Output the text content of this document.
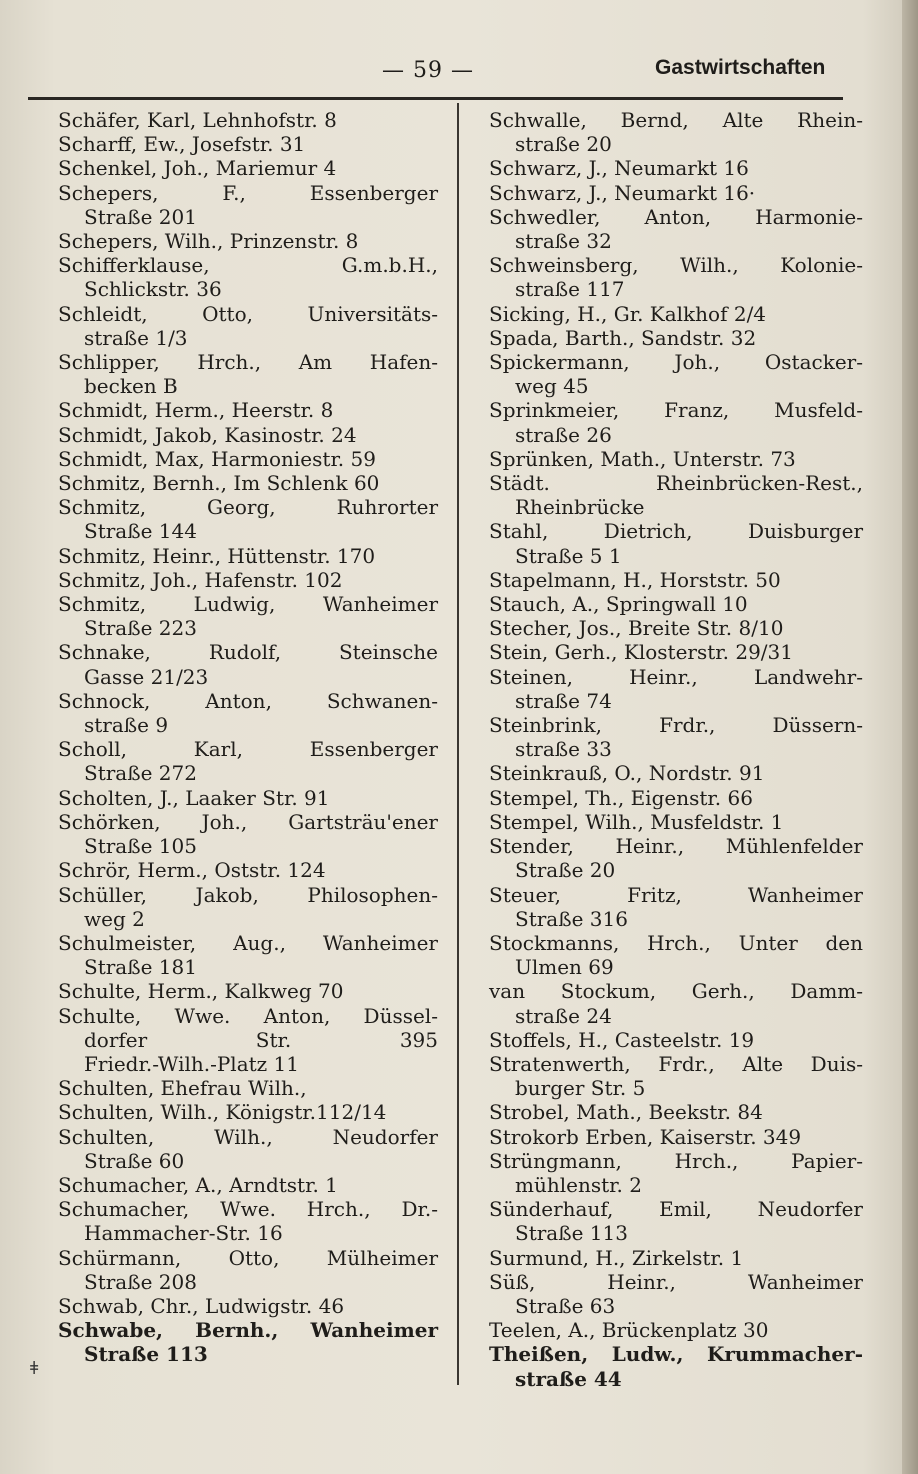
— 59 —	Gastwirtschaften
Schäfer, Karl, Lehnhofstr. 8
Scharff, Ew., Josefstr. 31
Schenkel, Joh., Mariemur 4
Schepers, F., Essenberger
Straße 201
Schepers, Wilh., Prinzenstr. 8
Schifferklause, G.m.b.H.,
Schlickstr. 36
Schleidt, Otto, Universitäts-
straße 1/3
Schlipper, Hrch., Am Hafen-
becken B
Schmidt, Herm., Heerstr. 8
Schmidt, Jakob, Kasinostr. 24
Schmidt, Max, Harmoniestr. 59
Schmitz, Bernh., Im Schlenk 60
Schmitz, Georg, Ruhrorter
Straße 144
Schmitz, Heinr., Hüttenstr. 170
Schmitz, Joh., Hafenstr. 102
Schmitz, Ludwig, Wanheimer
Straße 223
Schnake, Rudolf, Steinsche
Gasse 21/23
Schnock, Anton, Schwanen-
straße 9
Scholl, Karl, Essenberger
Straße 272
Scholten, J., Laaker Str. 91
Schörken, Joh., Gartsträu'ener
Straße 105
Schrör, Herm., Oststr. 124
Schüller, Jakob, Philosophen-
weg 2
Schulmeister, Aug., Wanheimer
Straße 181
Schulte, Herm., Kalkweg 70
Schulte, Wwe. Anton, Düssel-
dorfer Str. 395
Friedr.-Wilh.-Platz 11
Schulten, Ehefrau Wilh.,
Schulten, Wilh., Königstr.112/14
Schulten, Wilh., Neudorfer
Straße 60
Schumacher, A., Arndtstr. 1
Schumacher, Wwe. Hrch., Dr.-
Hammacher-Str. 16
Schürmann, Otto, Mülheimer
Straße 208
Schwab, Chr., Ludwigstr. 46
Schwabe, Bernh., Wanheimer
Straße 113
Schwalle, Bernd, Alte Rhein-
straße 20
Schwarz, J., Neumarkt 16
Schwarz, J., Neumarkt 16·
Schwedler, Anton, Harmonie-
straße 32
Schweinsberg, Wilh., Kolonie-
straße 117
Sicking, H., Gr. Kalkhof 2/4
Spada, Barth., Sandstr. 32
Spickermann, Joh., Ostacker-
weg 45
Sprinkmeier, Franz, Musfeld-
straße 26
Sprünken, Math., Unterstr. 73
Städt. Rheinbrücken-Rest.,
Rheinbrücke
Stahl, Dietrich, Duisburger
Straße 5 1
Stapelmann, H., Horststr. 50
Stauch, A., Springwall 10
Stecher, Jos., Breite Str. 8/10
Stein, Gerh., Klosterstr. 29/31
Steinen, Heinr., Landwehr-
straße 74
Steinbrink, Frdr., Düssern-
straße 33
Steinkrauß, O., Nordstr. 91
Stempel, Th., Eigenstr. 66
Stempel, Wilh., Musfeldstr. 1
Stender, Heinr., Mühlenfelder
Straße 20
Steuer, Fritz, Wanheimer
Straße 316
Stockmanns, Hrch., Unter den
Ulmen 69
van Stockum, Gerh., Damm-
straße 24
Stoffels, H., Casteelstr. 19
Stratenwerth, Frdr., Alte Duis-
burger Str. 5
Strobel, Math., Beekstr. 84
Strokorb Erben, Kaiserstr. 349
Strüngmann, Hrch., Papier-
mühlenstr. 2
Sünderhauf, Emil, Neudorfer
Straße 113
Surmund, H., Zirkelstr. 1
Süß, Heinr., Wanheimer
Straße 63
Teelen, A., Brückenplatz 30
Theißen, Ludw., Krummacher-
straße 44
ǂ
